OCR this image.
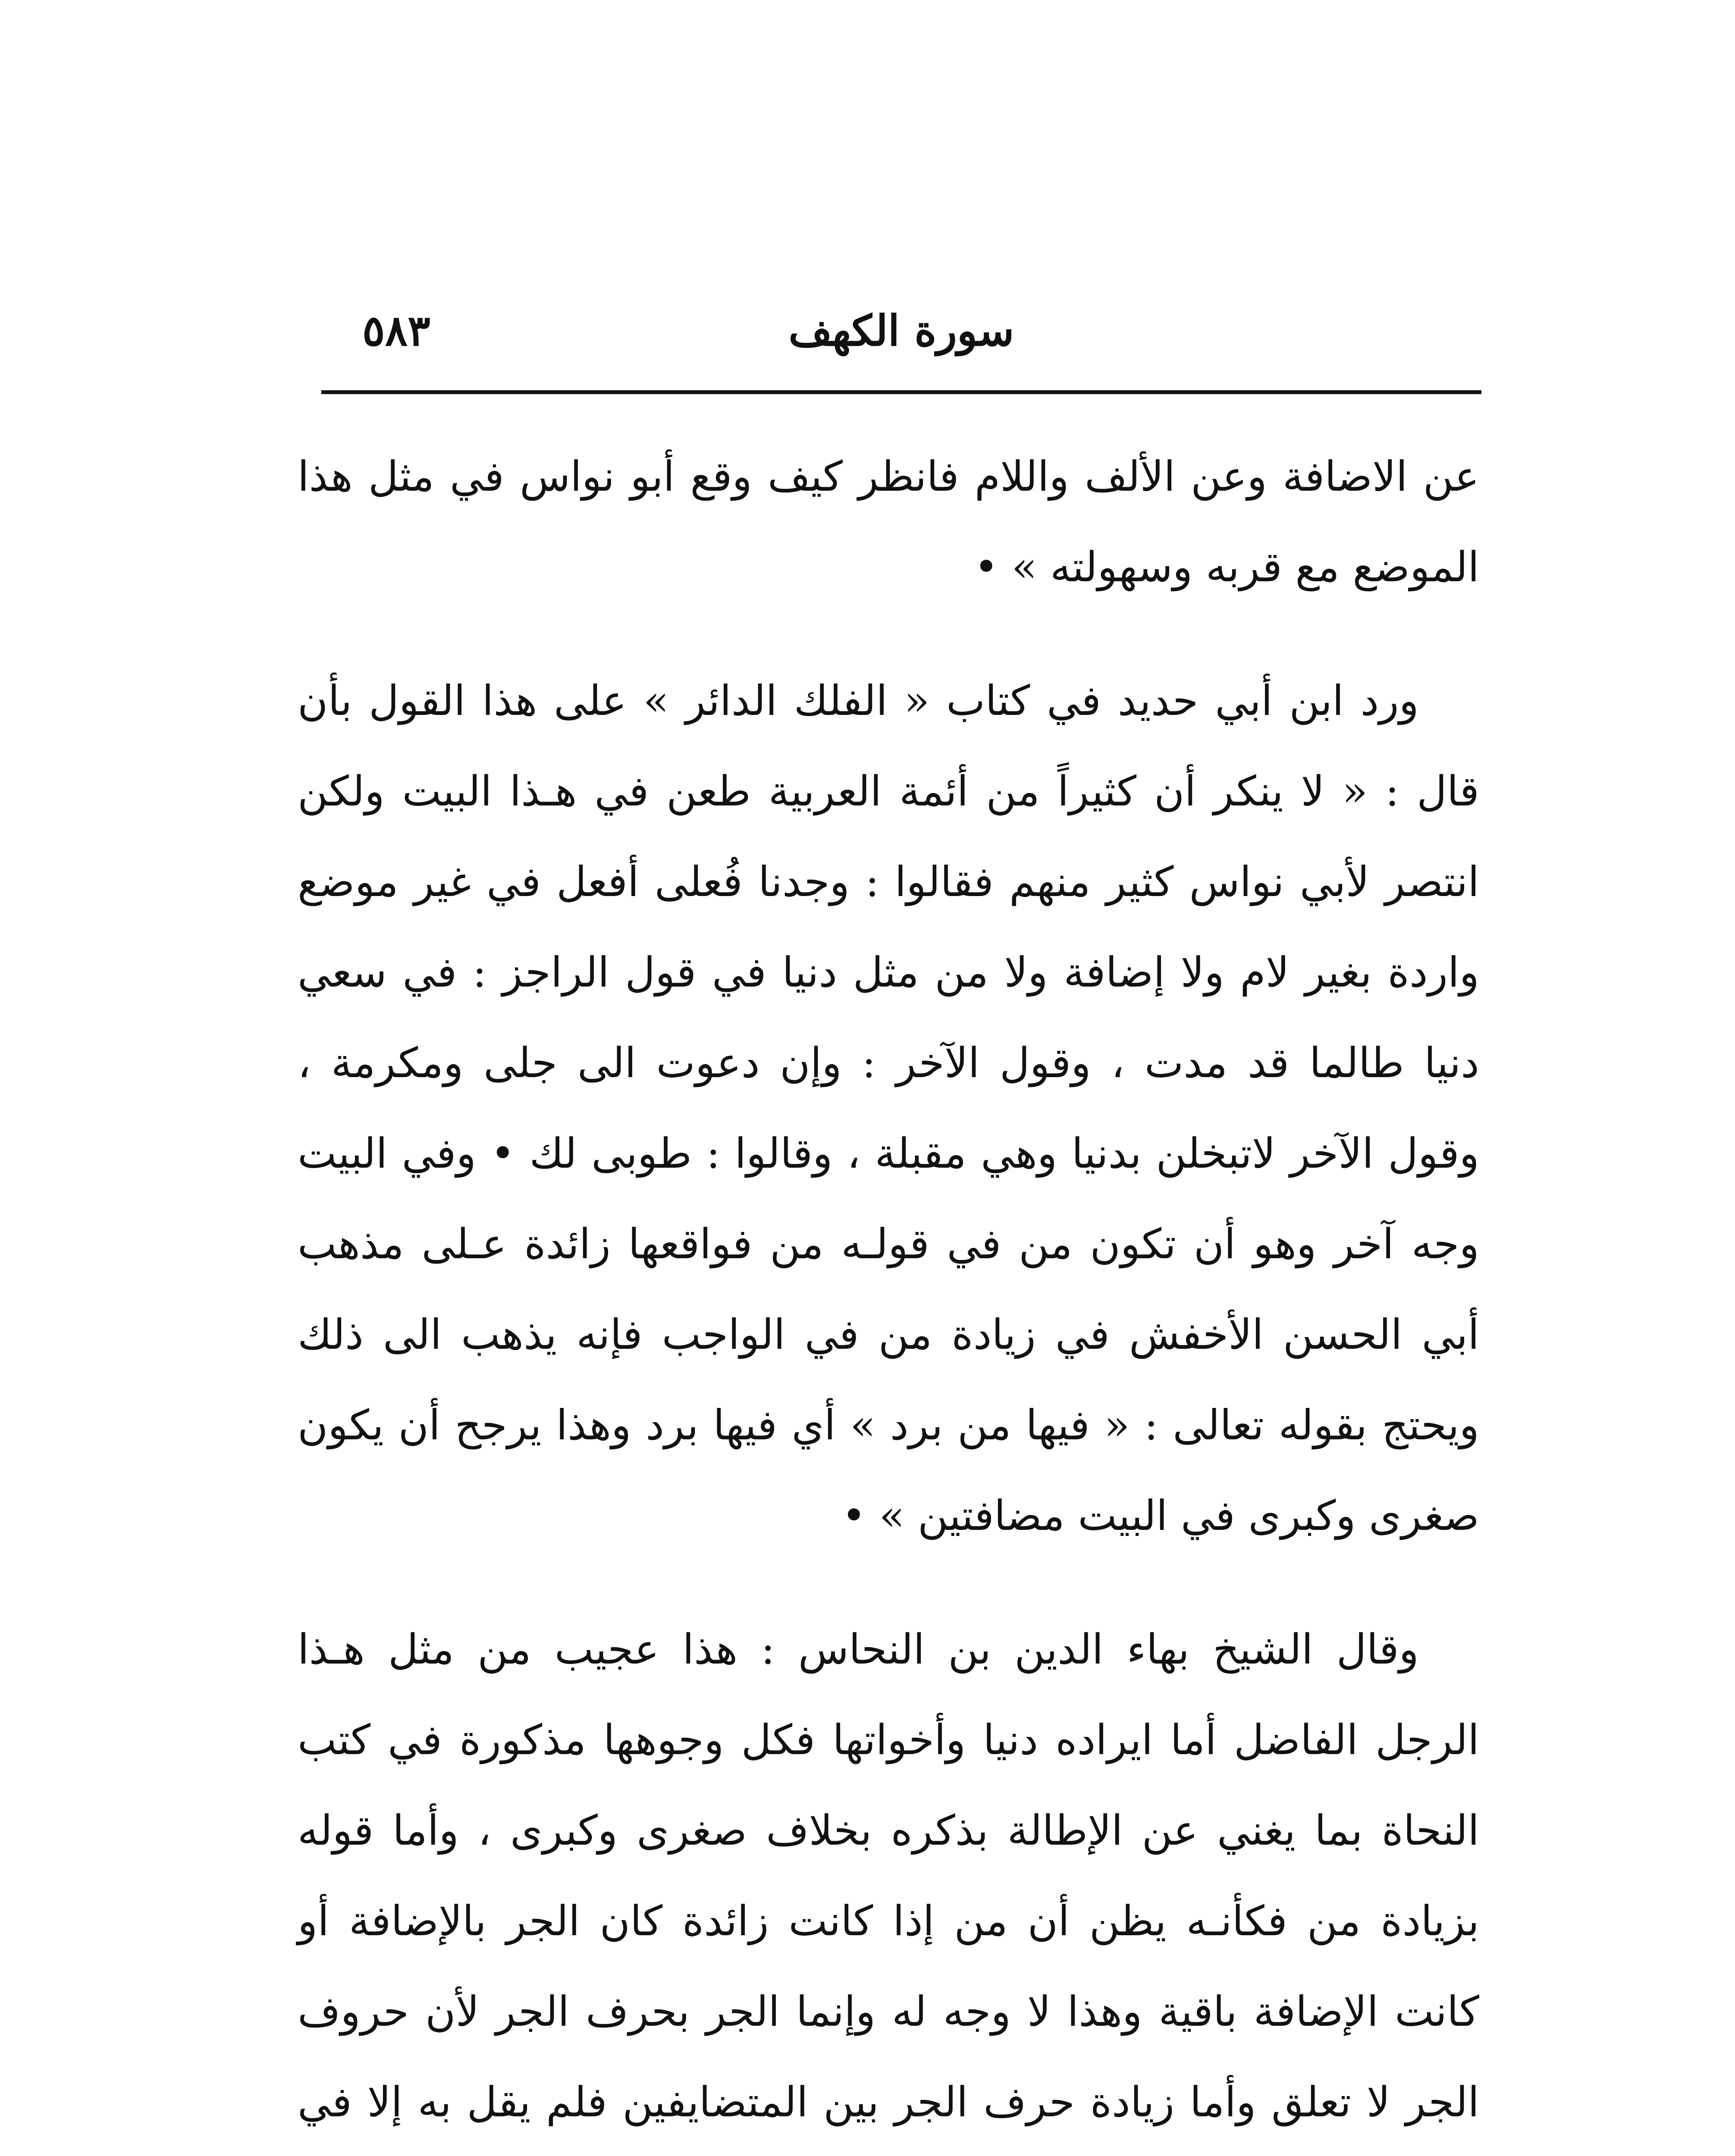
سورة الكهف
٥٨٣

عن الاضافة وعن الألف واللام فانظر كيف وقع أبو نواس في مثل هذا الموضع مع قربه وسهولته » •

ورد ابن أبي حديد في كتاب « الفلك الدائر » على هذا القول بأن قال : « لا ينكر أن كثيراً من أئمة العربية طعن في هـذا البيت ولكن انتصر لأبي نواس كثير منهم فقالوا : وجدنا فُعلى أفعل في غير موضع واردة بغير لام ولا إضافة ولا من مثل دنيا في قول الراجز : في سعي دنيا طالما قد مدت ، وقول الآخر : وإن دعوت الى جلى ومكرمة ، وقول الآخر لاتبخلن بدنيا وهي مقبلة ، وقالوا : طوبى لك • وفي البيت وجه آخر وهو أن تكون من في قولـه من فواقعها زائدة عـلى مذهب أبي الحسن الأخفش في زيادة من في الواجب فإنه يذهب الى ذلك ويحتج بقوله تعالى : « فيها من برد » أي فيها برد وهذا يرجح أن يكون صغرى وكبرى في البيت مضافتين » •

وقال الشيخ بهاء الدين بن النحاس : هذا عجيب من مثل هـذا الرجل الفاضل أما ايراده دنيا وأخواتها فكل وجوهها مذكورة في كتب النحاة بما يغني عن الإطالة بذكره بخلاف صغرى وكبرى ، وأما قوله بزيادة من فكأنـه يظن أن من إذا كانت زائدة كان الجر بالإضافة أو كانت الإضافة باقية وهذا لا وجه له وإنما الجر بحرف الجر لأن حروف الجر لا تعلق وأما زيادة حرف الجر بين المتضايفين فلم يقل به إلا في
